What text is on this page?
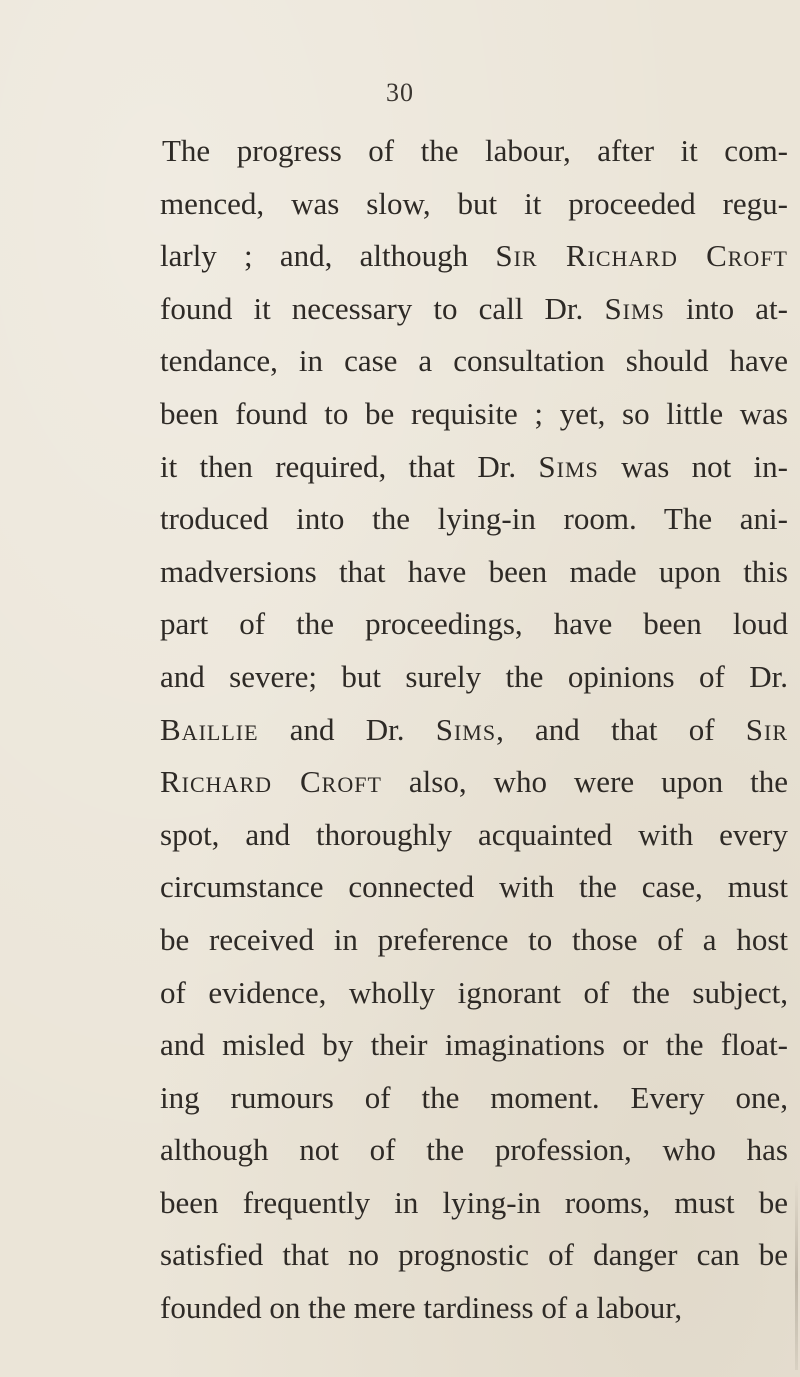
30
The progress of the labour, after it com-
menced, was slow, but it proceeded regu-
larly ; and, although Sir Richard Croft
found it necessary to call Dr. Sims into at-
tendance, in case a consultation should have
been found to be requisite ; yet, so little was
it then required, that Dr. Sims was not in-
troduced into the lying-in room. The ani-
madversions that have been made upon this
part of the proceedings, have been loud
and severe; but surely the opinions of Dr.
Baillie and Dr. Sims, and that of Sir
Richard Croft also, who were upon the
spot, and thoroughly acquainted with every
circumstance connected with the case, must
be received in preference to those of a host
of evidence, wholly ignorant of the subject,
and misled by their imaginations or the float-
ing rumours of the moment. Every one,
although not of the profession, who has
been frequently in lying-in rooms, must be
satisfied that no prognostic of danger can be
founded on the mere tardiness of a labour,
